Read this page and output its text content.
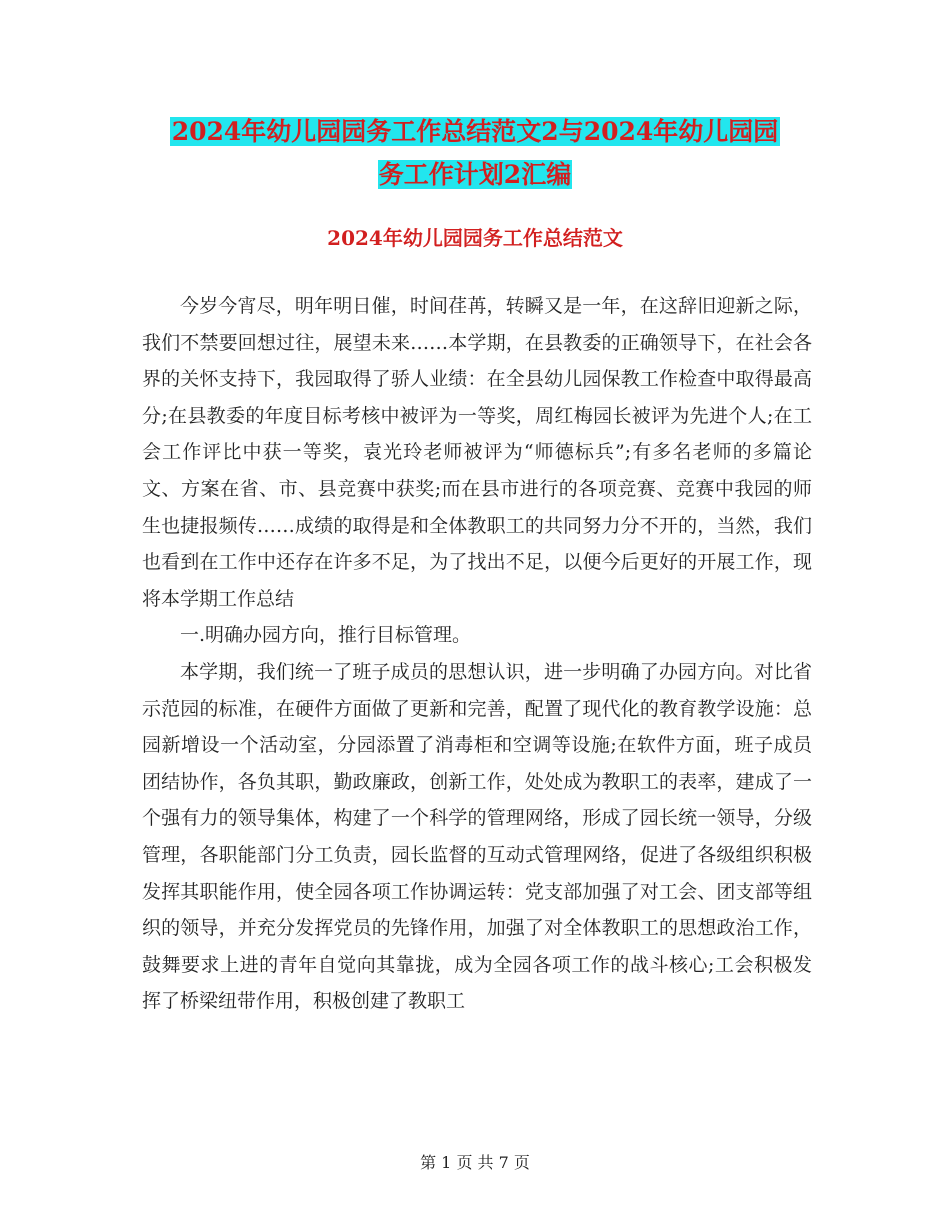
2024年幼儿园园务工作总结范文2与2024年幼儿园园
务工作计划2汇编
2024年幼儿园园务工作总结范文

今岁今宵尽，明年明日催，时间荏苒，转瞬又是一年，在这辞旧迎新之际，我们不禁要回想过往，展望未来……本学期，在县教委的正确领导下，在社会各界的关怀支持下，我园取得了骄人业绩：在全县幼儿园保教工作检查中取得最高分;在县教委的年度目标考核中被评为一等奖，周红梅园长被评为先进个人;在工会工作评比中获一等奖，袁光玲老师被评为“师德标兵”;有多名老师的多篇论文、方案在省、市、县竞赛中获奖;而在县市进行的各项竞赛、竞赛中我园的师生也捷报频传……成绩的取得是和全体教职工的共同努力分不开的，当然，我们也看到在工作中还存在许多不足，为了找出不足，以便今后更好的开展工作，现将本学期工作总结

一.明确办园方向，推行目标管理。

本学期，我们统一了班子成员的思想认识，进一步明确了办园方向。对比省示范园的标准，在硬件方面做了更新和完善，配置了现代化的教育教学设施：总园新增设一个活动室，分园添置了消毒柜和空调等设施;在软件方面，班子成员团结协作，各负其职，勤政廉政，创新工作，处处成为教职工的表率，建成了一个强有力的领导集体，构建了一个科学的管理网络，形成了园长统一领导，分级管理，各职能部门分工负责，园长监督的互动式管理网络，促进了各级组织积极发挥其职能作用，使全园各项工作协调运转：党支部加强了对工会、团支部等组织的领导，并充分发挥党员的先锋作用，加强了对全体教职工的思想政治工作，鼓舞要求上进的青年自觉向其靠拢，成为全园各项工作的战斗核心;工会积极发挥了桥梁纽带作用，积极创建了教职工

第 1 页 共 7 页
